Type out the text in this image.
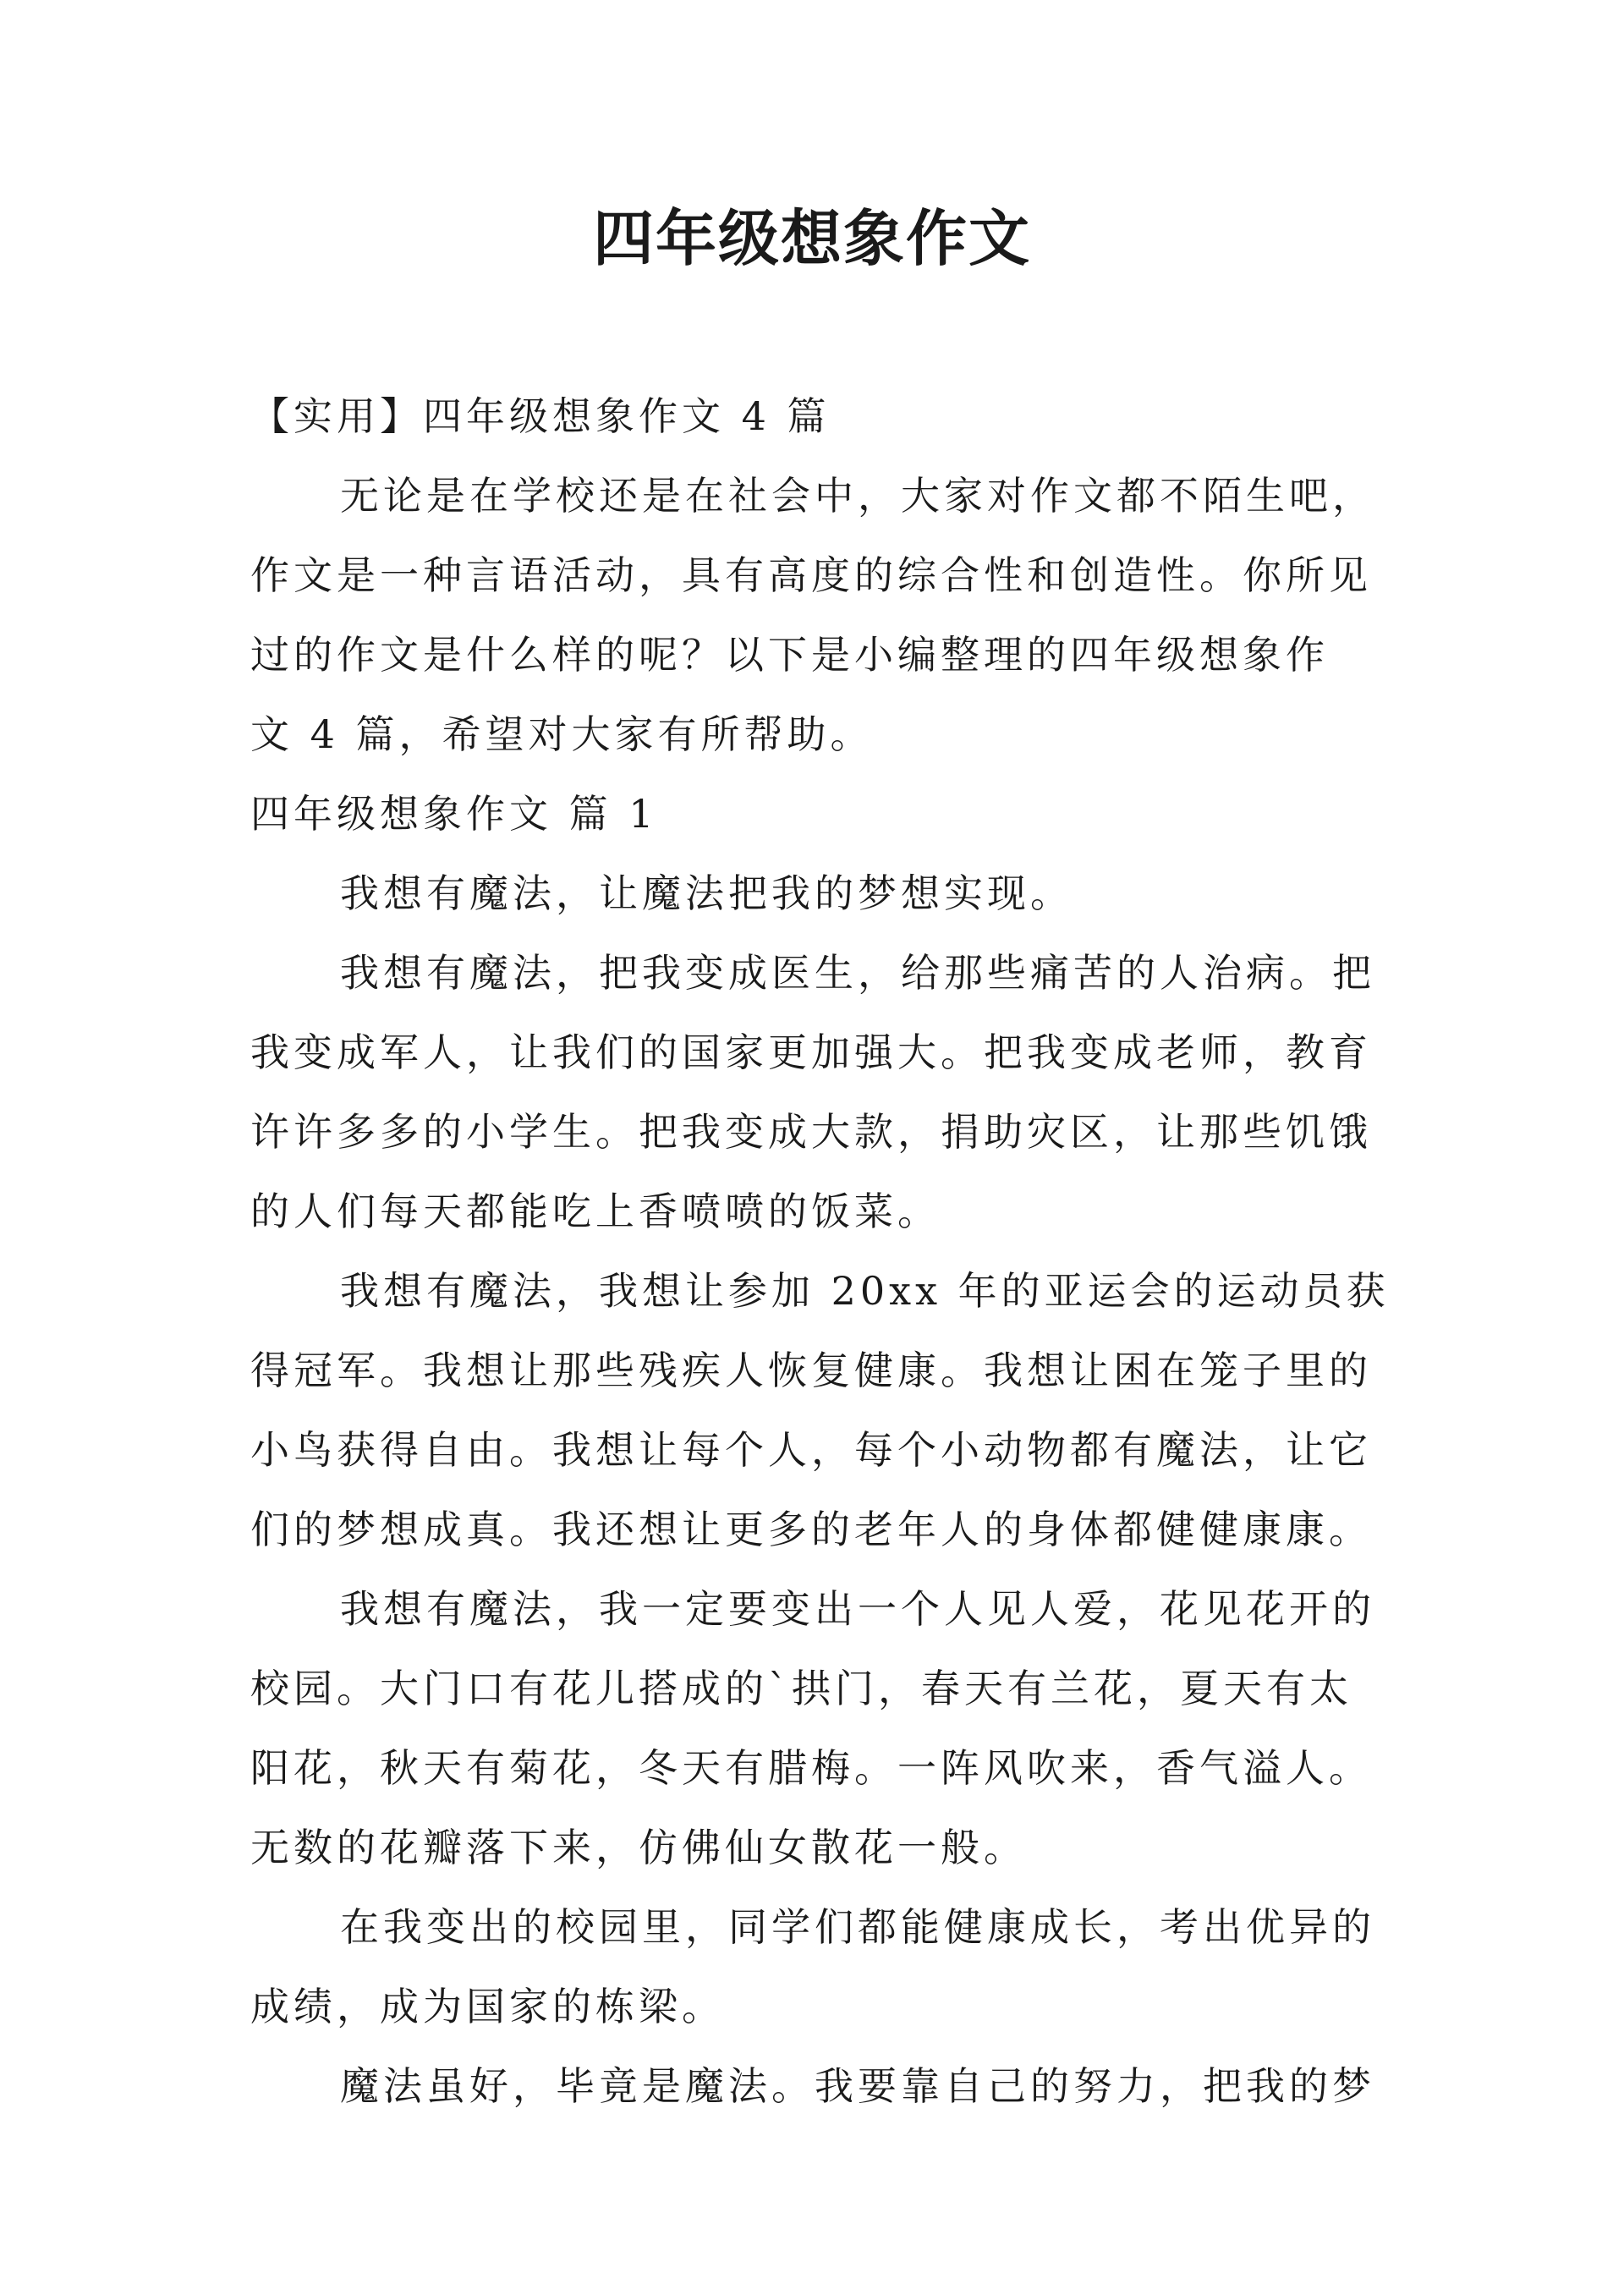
四年级想象作文
【实用】四年级想象作文 4 篇
无论是在学校还是在社会中，大家对作文都不陌生吧，
作文是一种言语活动，具有高度的综合性和创造性。你所见
过的作文是什么样的呢？以下是小编整理的四年级想象作
文 4 篇，希望对大家有所帮助。
四年级想象作文 篇 1
我想有魔法，让魔法把我的梦想实现。
我想有魔法，把我变成医生，给那些痛苦的人治病。把
我变成军人，让我们的国家更加强大。把我变成老师，教育
许许多多的小学生。把我变成大款，捐助灾区，让那些饥饿
的人们每天都能吃上香喷喷的饭菜。
我想有魔法，我想让参加 20xx 年的亚运会的运动员获
得冠军。我想让那些残疾人恢复健康。我想让困在笼子里的
小鸟获得自由。我想让每个人，每个小动物都有魔法，让它
们的梦想成真。我还想让更多的老年人的身体都健健康康。
我想有魔法，我一定要变出一个人见人爱，花见花开的
校园。大门口有花儿搭成的`拱门，春天有兰花，夏天有太
阳花，秋天有菊花，冬天有腊梅。一阵风吹来，香气溢人。
无数的花瓣落下来，仿佛仙女散花一般。
在我变出的校园里，同学们都能健康成长，考出优异的
成绩，成为国家的栋梁。
魔法虽好，毕竟是魔法。我要靠自己的努力，把我的梦
